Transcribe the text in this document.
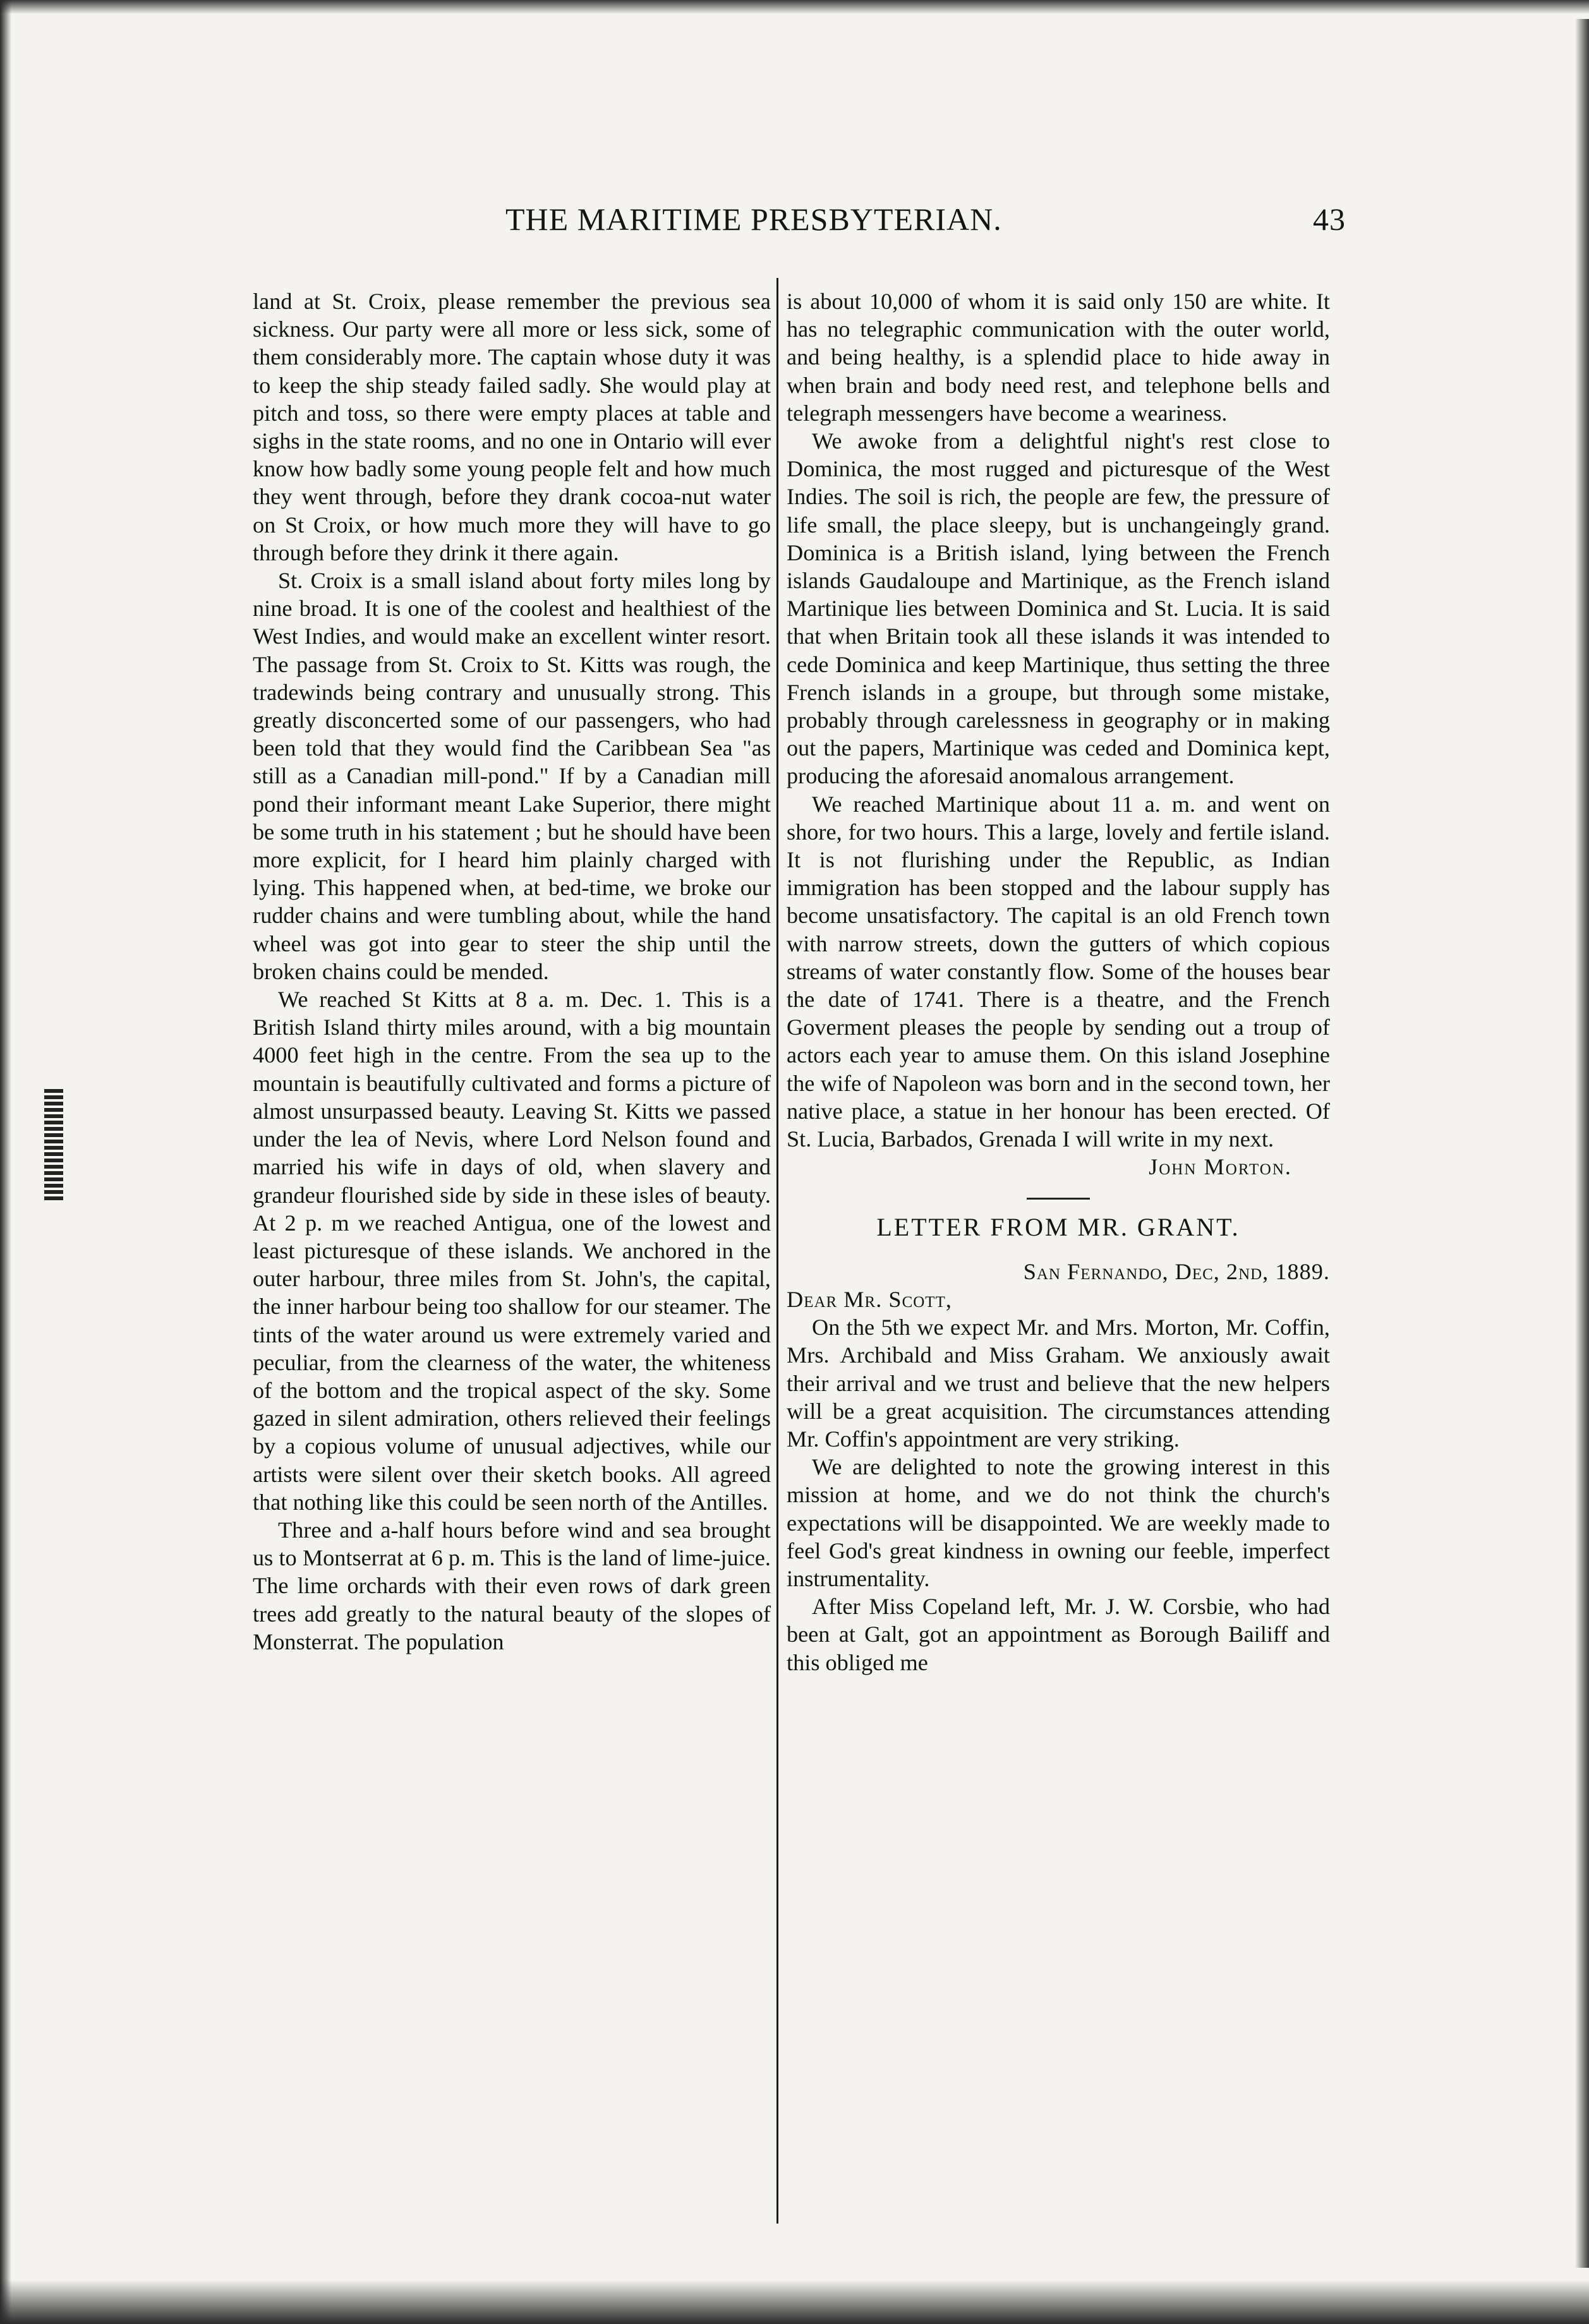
THE MARITIME PRESBYTERIAN.	43

land at St. Croix, please remember the previous sea sickness. Our party were all more or less sick, some of them considerably more. The captain whose duty it was to keep the ship steady failed sadly. She would play at pitch and toss, so there were empty places at table and sighs in the state rooms, and no one in Ontario will ever know how badly some young people felt and how much they went through, before they drank cocoa-nut water on St Croix, or how much more they will have to go through before they drink it there again.

St. Croix is a small island about forty miles long by nine broad. It is one of the coolest and healthiest of the West Indies, and would make an excellent winter resort. The passage from St. Croix to St. Kitts was rough, the tradewinds being contrary and unusually strong. This greatly disconcerted some of our passengers, who had been told that they would find the Caribbean Sea "as still as a Canadian mill-pond." If by a Canadian mill pond their informant meant Lake Superior, there might be some truth in his statement ; but he should have been more explicit, for I heard him plainly charged with lying. This happened when, at bed-time, we broke our rudder chains and were tumbling about, while the hand wheel was got into gear to steer the ship until the broken chains could be mended.

We reached St Kitts at 8 a. m. Dec. 1. This is a British Island thirty miles around, with a big mountain 4000 feet high in the centre. From the sea up to the mountain is beautifully cultivated and forms a picture of almost unsurpassed beauty. Leaving St. Kitts we passed under the lea of Nevis, where Lord Nelson found and married his wife in days of old, when slavery and grandeur flourished side by side in these isles of beauty. At 2 p. m we reached Antigua, one of the lowest and least picturesque of these islands. We anchored in the outer harbour, three miles from St. John's, the capital, the inner harbour being too shallow for our steamer. The tints of the water around us were extremely varied and peculiar, from the clearness of the water, the whiteness of the bottom and the tropical aspect of the sky. Some gazed in silent admiration, others relieved their feelings by a copious volume of unusual adjectives, while our artists were silent over their sketch books. All agreed that nothing like this could be seen north of the Antilles.

Three and a-half hours before wind and sea brought us to Montserrat at 6 p. m. This is the land of lime-juice. The lime orchards with their even rows of dark green trees add greatly to the natural beauty of the slopes of Monsterrat. The population

is about 10,000 of whom it is said only 150 are white. It has no telegraphic communication with the outer world, and being healthy, is a splendid place to hide away in when brain and body need rest, and telephone bells and telegraph messengers have become a weariness.

We awoke from a delightful night's rest close to Dominica, the most rugged and picturesque of the West Indies. The soil is rich, the people are few, the pressure of life small, the place sleepy, but is unchangeingly grand. Dominica is a British island, lying between the French islands Gaudaloupe and Martinique, as the French island Martinique lies between Dominica and St. Lucia. It is said that when Britain took all these islands it was intended to cede Dominica and keep Martinique, thus setting the three French islands in a groupe, but through some mistake, probably through carelessness in geography or in making out the papers, Martinique was ceded and Dominica kept, producing the aforesaid anomalous arrangement.

We reached Martinique about 11 a. m. and went on shore, for two hours. This a large, lovely and fertile island. It is not flurishing under the Republic, as Indian immigration has been stopped and the labour supply has become unsatisfactory. The capital is an old French town with narrow streets, down the gutters of which copious streams of water constantly flow. Some of the houses bear the date of 1741. There is a theatre, and the French Goverment pleases the people by sending out a troup of actors each year to amuse them. On this island Josephine the wife of Napoleon was born and in the second town, her native place, a statue in her honour has been erected. Of St. Lucia, Barbados, Grenada I will write in my next.

John Morton.

LETTER FROM MR. GRANT.
San Fernando, Dec, 2nd, 1889.
Dear Mr. Scott,

On the 5th we expect Mr. and Mrs. Morton, Mr. Coffin, Mrs. Archibald and Miss Graham. We anxiously await their arrival and we trust and believe that the new helpers will be a great acquisition. The circumstances attending Mr. Coffin's appointment are very striking.

We are delighted to note the growing interest in this mission at home, and we do not think the church's expectations will be disappointed. We are weekly made to feel God's great kindness in owning our feeble, imperfect instrumentality.

After Miss Copeland left, Mr. J. W. Corsbie, who had been at Galt, got an appointment as Borough Bailiff and this obliged me
